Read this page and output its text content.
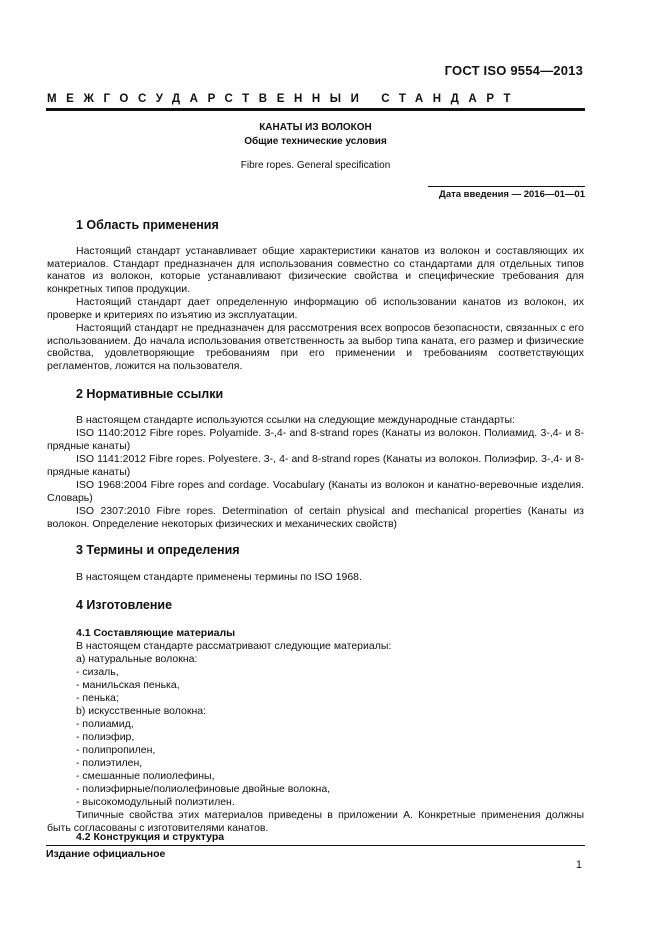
ГОСТ ISO 9554—2013
МЕЖГОСУДАРСТВЕННЫЙ СТАНДАРТ
КАНАТЫ ИЗ ВОЛОКОН
Общие технические условия
Fibre ropes. General specification
Дата введения — 2016—01—01
1 Область применения

Настоящий стандарт устанавливает общие характеристики канатов из волокон и составляющих их материалов. Стандарт предназначен для использования совместно со стандартами для отдельных типов канатов из волокон, которые устанавливают физические свойства и специфические требования для конкретных типов продукции.

Настоящий стандарт дает определенную информацию об использовании канатов из волокон, их проверке и критериях по изъятию из эксплуатации.

Настоящий стандарт не предназначен для рассмотрения всех вопросов безопасности, связанных с его использованием. До начала использования ответственность за выбор типа каната, его размер и физические свойства, удовлетворяющие требованиям при его применении и требованиям соответствующих регламентов, ложится на пользователя.

2 Нормативные ссылки

В настоящем стандарте используются ссылки на следующие международные стандарты:

ISO 1140:2012 Fibre ropes. Polyamide. 3-,4- and 8-strand ropes (Канаты из волокон. Полиамид. 3-,4- и 8-прядные канаты)

ISO 1141:2012 Fibre ropes. Polyestere. 3-, 4- and 8-strand ropes (Канаты из волокон. Полиэфир. 3-,4- и 8-прядные канаты)

ISO 1968:2004 Fibre ropes and cordage. Vocabulary (Канаты из волокон и канатно-веревочные изделия. Словарь)

ISO 2307:2010 Fibre ropes. Determination of certain physical and mechanical properties (Канаты из волокон. Определение некоторых физических и механических свойств)

3 Термины и определения

В настоящем стандарте применены термины по ISO 1968.

4 Изготовление
4.1 Составляющие материалы
В настоящем стандарте рассматривают следующие материалы:
а) натуральные волокна:
- сизаль,
- манильская пенька,
- пенька;
b) искусственные волокна:
- полиамид,
- полиэфир,
- полипропилен,
- полиэтилен,
- смешанные полиолефины,
- полиэфирные/полиолефиновые двойные волокна,
- высокомодульный полиэтилен.

Типичные свойства этих материалов приведены в приложении А. Конкретные применения должны быть согласованы с изготовителями канатов.

4.2 Конструкция и структура
Издание официальное
1
